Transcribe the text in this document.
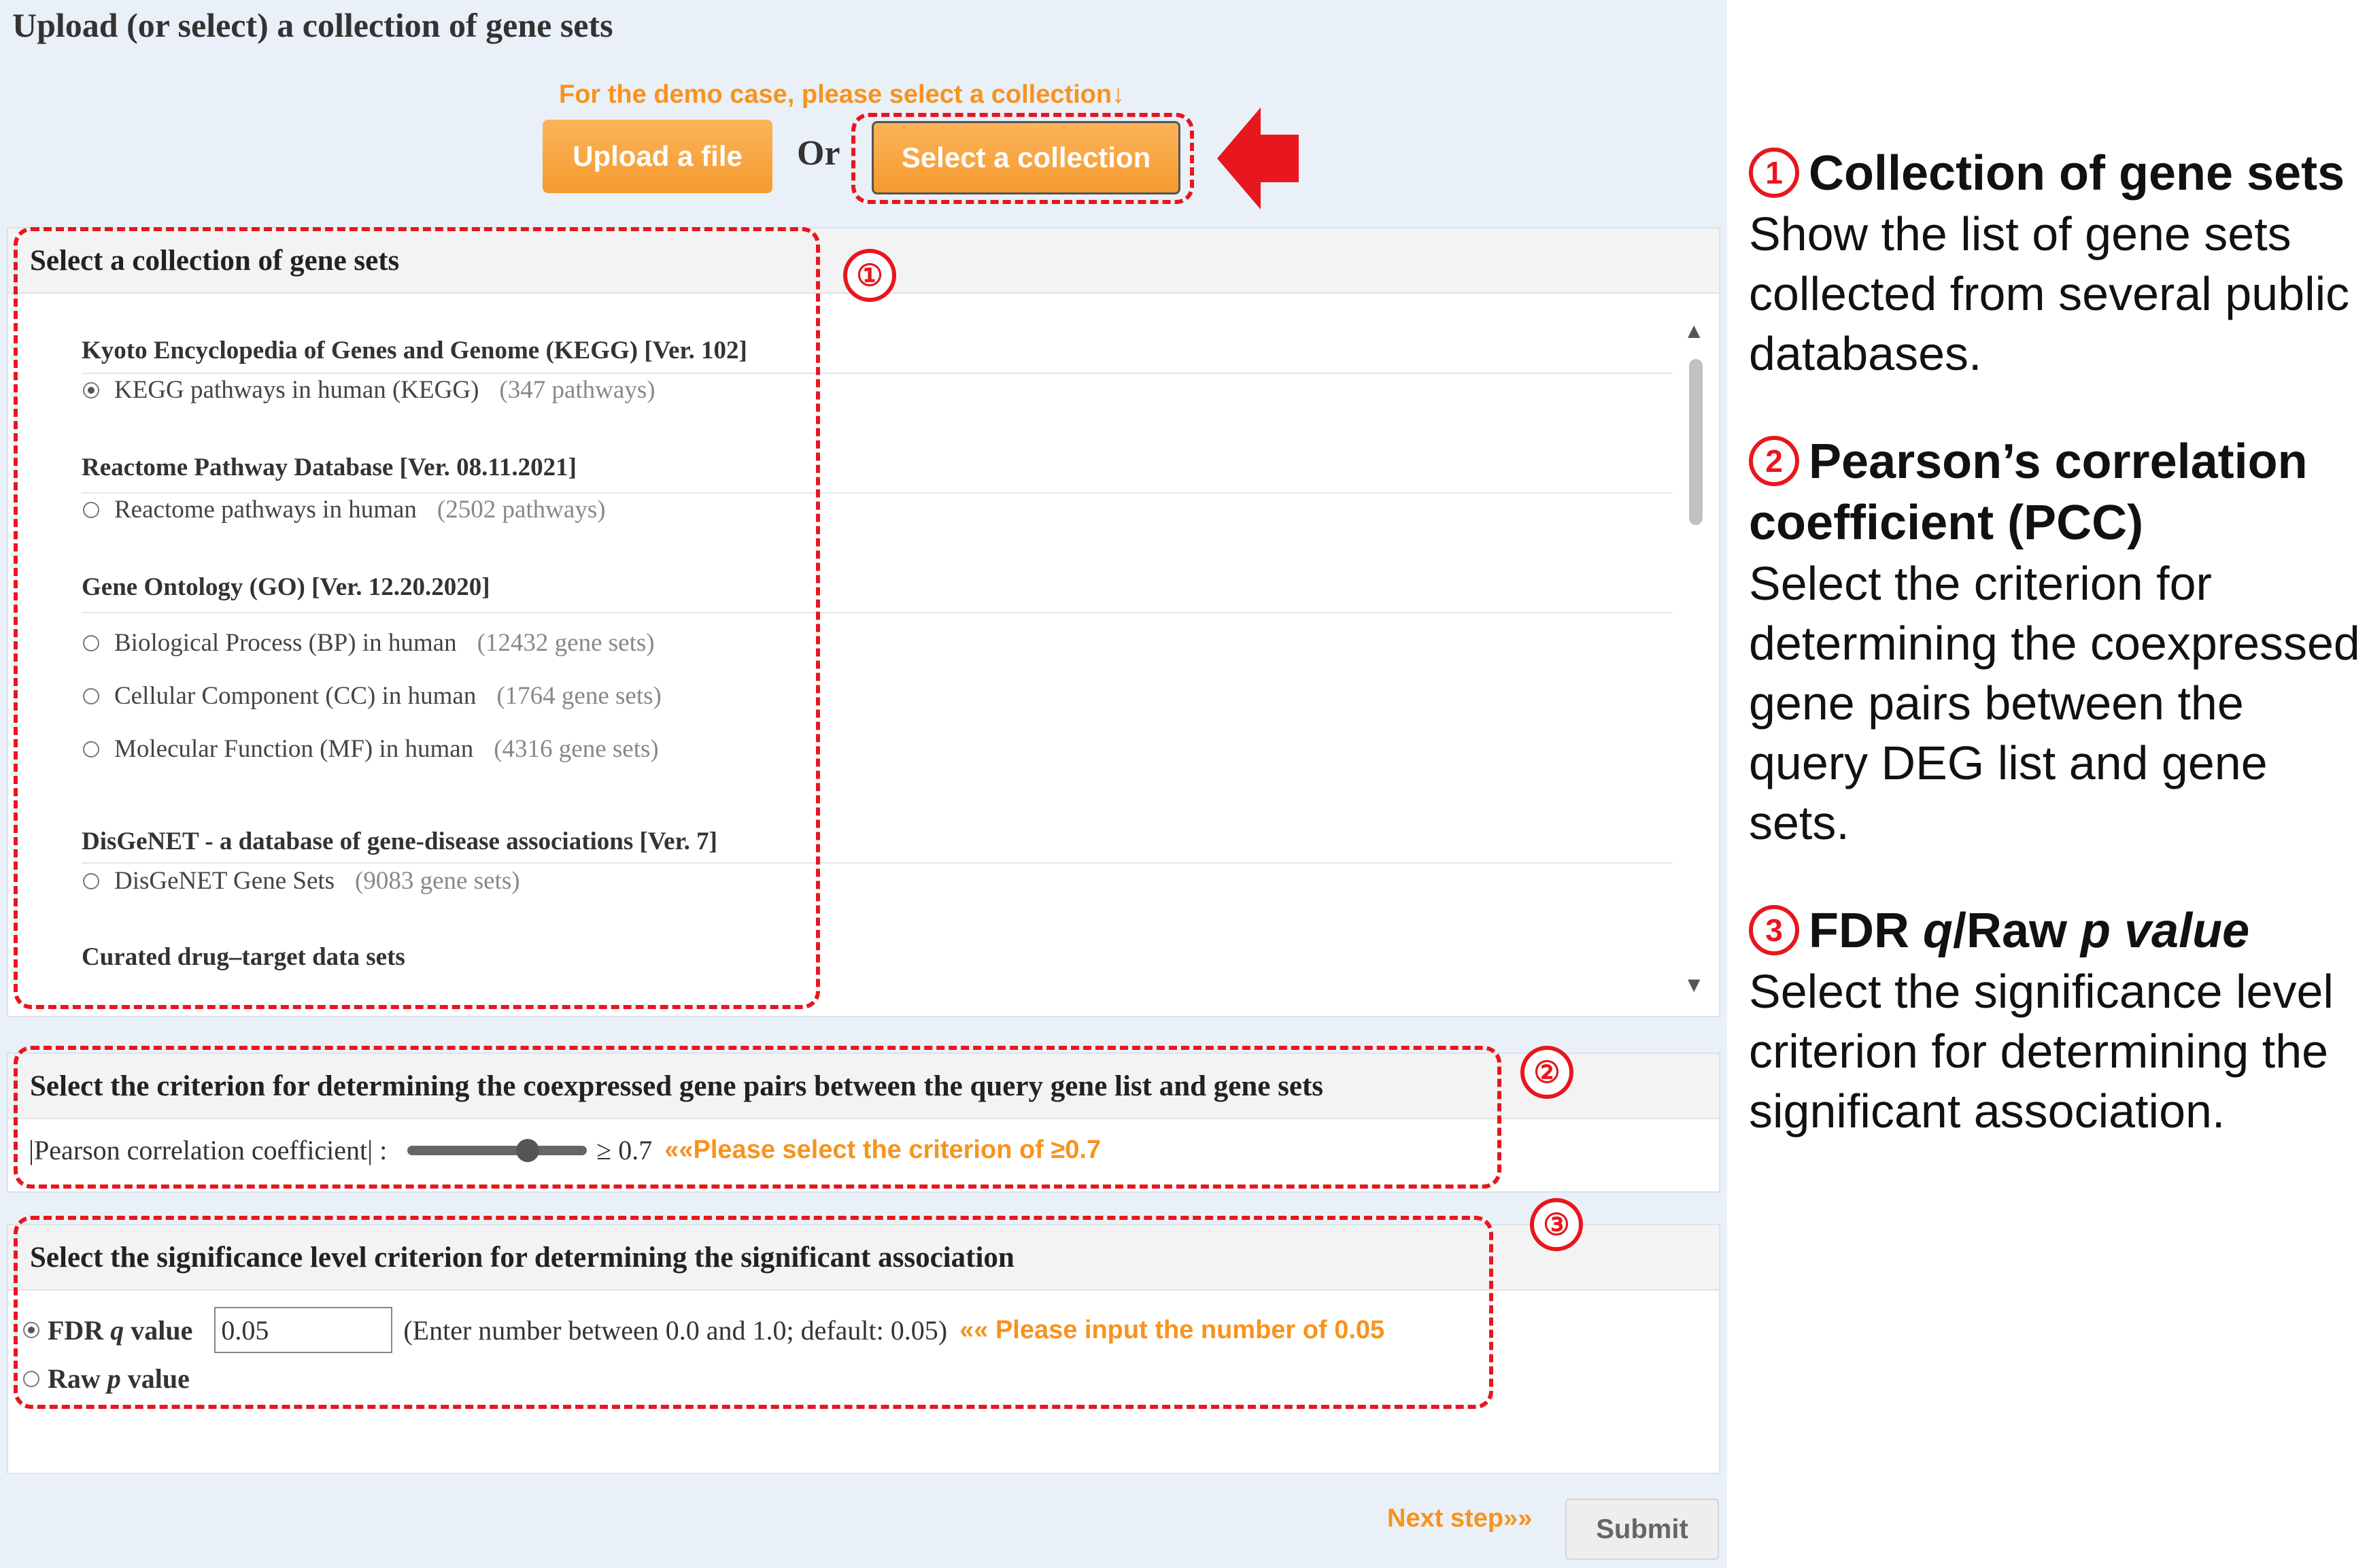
Upload (or select) a collection of gene sets
For the demo case, please select a collection↓
Upload a file	Or	Select a collection
Select a collection of gene sets
Kyoto Encyclopedia of Genes and Genome (KEGG) [Ver. 102]
KEGG pathways in human (KEGG) (347 pathways)
Reactome Pathway Database [Ver. 08.11.2021]
Reactome pathways in human (2502 pathways)
Gene Ontology (GO) [Ver. 12.20.2020]
Biological Process (BP) in human (12432 gene sets)
Cellular Component (CC) in human (1764 gene sets)
Molecular Function (MF) in human (4316 gene sets)
DisGeNET - a database of gene-disease associations [Ver. 7]
DisGeNET Gene Sets (9083 gene sets)
Curated drug–target data sets
▲
▼
Select the criterion for determining the coexpressed gene pairs between the query gene list and gene sets
|Pearson correlation coefficient| :	≥ 0.7 ««Please select the criterion of ≥0.7
Select the significance level criterion for determining the significant association
FDR q value
0.05	(Enter number between 0.0 and 1.0; default: 0.05) «« Please input the number of 0.05
Raw p value
Next step»»	Submit
①
②
③
1 Collection of gene sets
Show the list of gene sets collected from several public databases.
2 Pearson’s correlation coefficient (PCC)
Select the criterion for determining the coexpressed gene pairs between the query DEG list and gene sets.
3 FDR q/Raw p value
Select the significance level criterion for determining the significant association.
